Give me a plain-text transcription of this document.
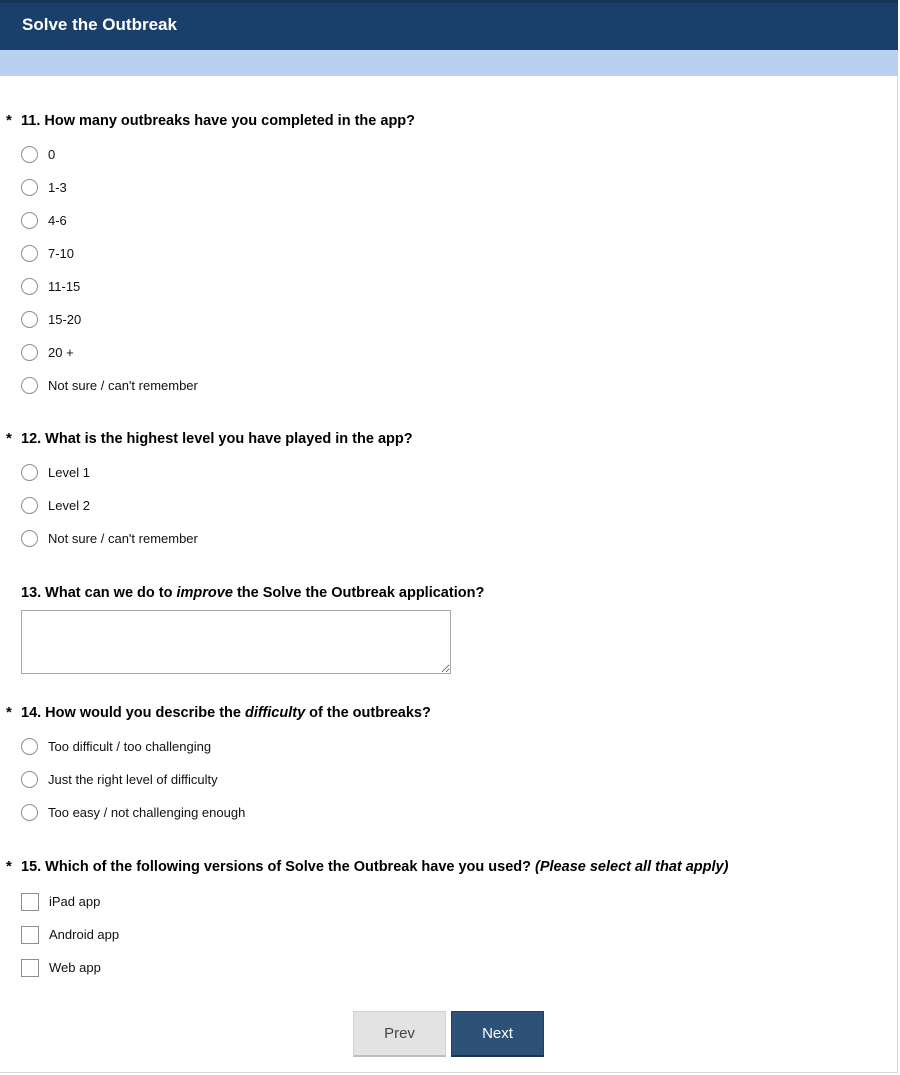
Solve the Outbreak
* 11. How many outbreaks have you completed in the app?
0
1-3
4-6
7-10
11-15
15-20
20 +
Not sure / can't remember
* 12. What is the highest level you have played in the app?
Level 1
Level 2
Not sure / can't remember
13. What can we do to improve the Solve the Outbreak application?
* 14. How would you describe the difficulty of the outbreaks?
Too difficult / too challenging
Just the right level of difficulty
Too easy / not challenging enough
* 15. Which of the following versions of Solve the Outbreak have you used? (Please select all that apply)
iPad app
Android app
Web app
Prev	Next
